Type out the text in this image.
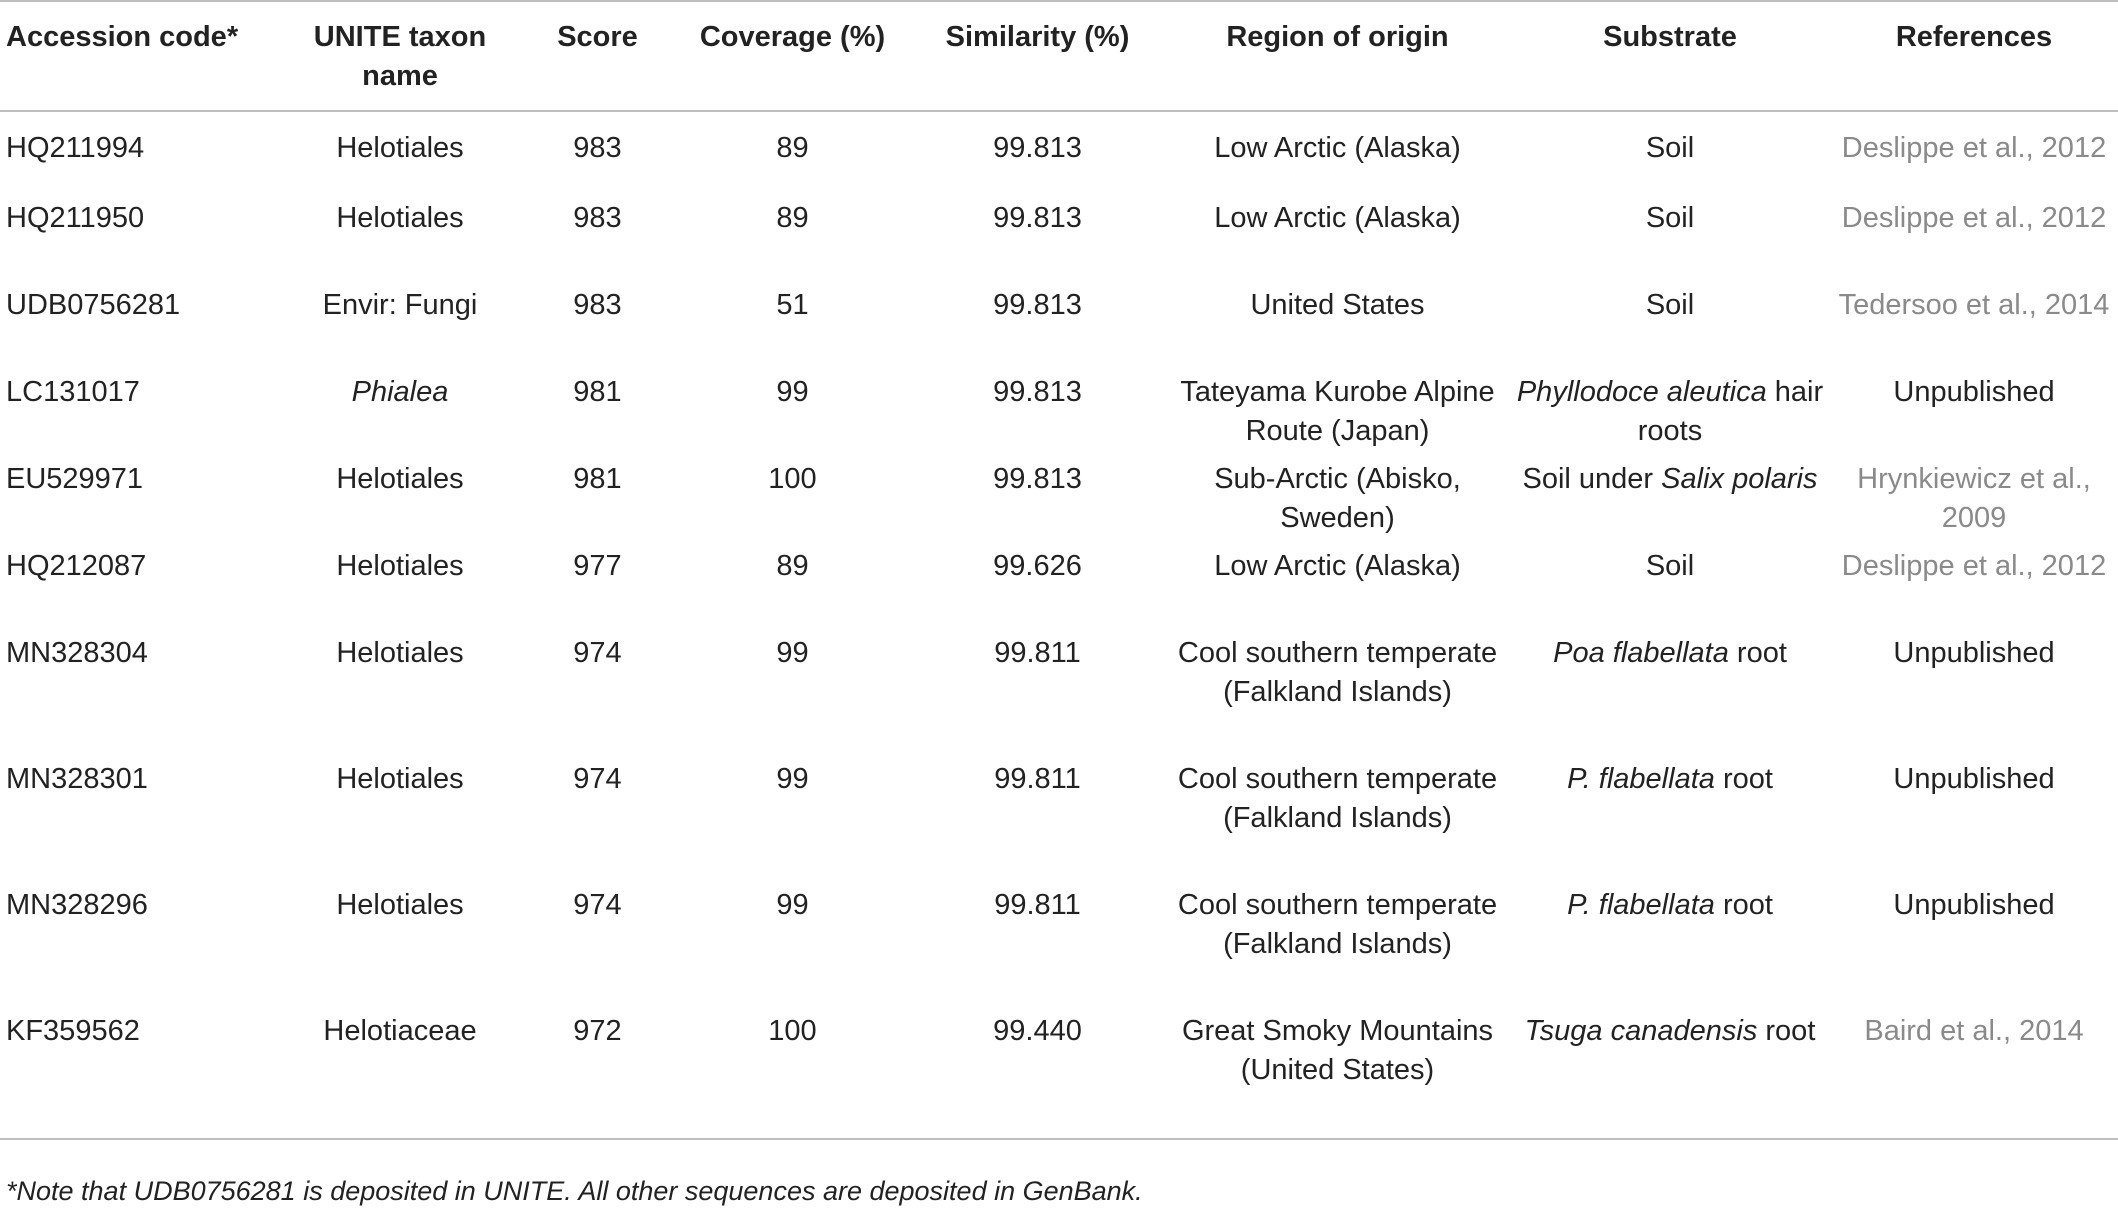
Accession code*	UNITE taxon name	Score	Coverage (%)	Similarity (%)	Region of origin	Substrate	References
HQ211994	Helotiales	983	89	99.813	Low Arctic (Alaska)	Soil	Deslippe et al., 2012
HQ211950	Helotiales	983	89	99.813	Low Arctic (Alaska)	Soil	Deslippe et al., 2012
UDB0756281	Envir: Fungi	983	51	99.813	United States	Soil	Tedersoo et al., 2014
LC131017	Phialea	981	99	99.813	Tateyama Kurobe Alpine Route (Japan)	Phyllodoce aleutica hair roots	Unpublished
EU529971	Helotiales	981	100	99.813	Sub-Arctic (Abisko, Sweden)	Soil under Salix polaris	Hrynkiewicz et al., 2009
HQ212087	Helotiales	977	89	99.626	Low Arctic (Alaska)	Soil	Deslippe et al., 2012
MN328304	Helotiales	974	99	99.811	Cool southern temperate (Falkland Islands)	Poa flabellata root	Unpublished
MN328301	Helotiales	974	99	99.811	Cool southern temperate (Falkland Islands)	P. flabellata root	Unpublished
MN328296	Helotiales	974	99	99.811	Cool southern temperate (Falkland Islands)	P. flabellata root	Unpublished
KF359562	Helotiaceae	972	100	99.440	Great Smoky Mountains (United States)	Tsuga canadensis root	Baird et al., 2014
*Note that UDB0756281 is deposited in UNITE. All other sequences are deposited in GenBank.
